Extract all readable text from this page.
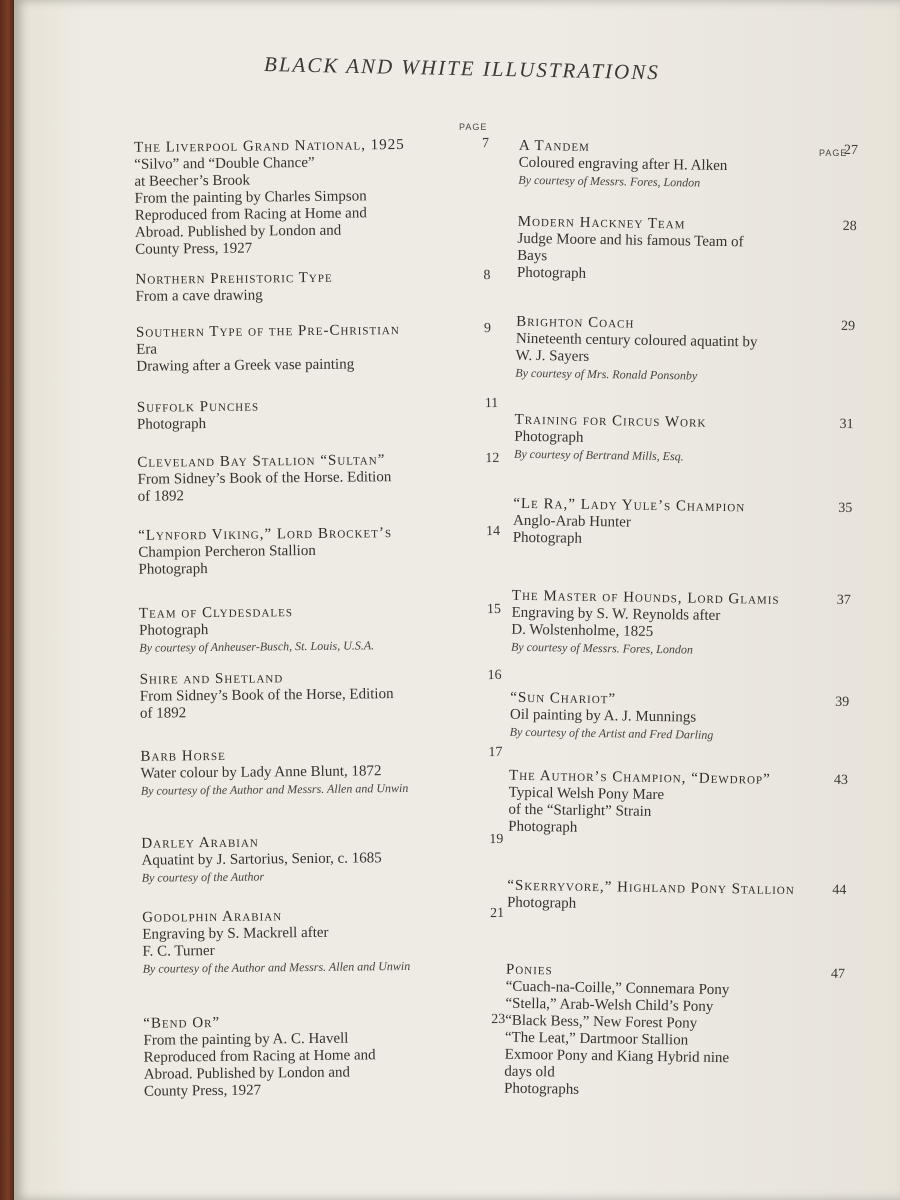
BLACK AND WHITE ILLUSTRATIONS
PAGE
PAGE
The Liverpool Grand National, 1925
“Silvo” and “Double Chance”
at Beecher’s Brook
From the painting by Charles Simpson
Reproduced from Racing at Home and
Abroad. Published by London and
County Press, 1927
7
Northern Prehistoric Type
From a cave drawing
8
Southern Type of the Pre-Christian
Era
Drawing after a Greek vase painting
9
Suffolk Punches
Photograph
11
Cleveland Bay Stallion “Sultan”
From Sidney’s Book of the Horse. Edition
of 1892
12
“Lynford Viking,” Lord Brocket’s
Champion Percheron Stallion
Photograph
14
Team of Clydesdales
Photograph
By courtesy of Anheuser-Busch, St. Louis, U.S.A.
15
Shire and Shetland
From Sidney’s Book of the Horse, Edition
of 1892
16
Barb Horse
Water colour by Lady Anne Blunt, 1872
By courtesy of the Author and Messrs. Allen and Unwin
17
Darley Arabian
Aquatint by J. Sartorius, Senior, c. 1685
By courtesy of the Author
19
Godolphin Arabian
Engraving by S. Mackrell after
F. C. Turner
By courtesy of the Author and Messrs. Allen and Unwin
21
“Bend Or”
From the painting by A. C. Havell
Reproduced from Racing at Home and
Abroad. Published by London and
County Press, 1927
23
A Tandem
Coloured engraving after H. Alken
By courtesy of Messrs. Fores, London
27
Modern Hackney Team
Judge Moore and his famous Team of
Bays
Photograph
28
Brighton Coach
Nineteenth century coloured aquatint by
W. J. Sayers
By courtesy of Mrs. Ronald Ponsonby
29
Training for Circus Work
Photograph
By courtesy of Bertrand Mills, Esq.
31
“Le Ra,” Lady Yule’s Champion
Anglo-Arab Hunter
Photograph
35
The Master of Hounds, Lord Glamis
Engraving by S. W. Reynolds after
D. Wolstenholme, 1825
By courtesy of Messrs. Fores, London
37
“Sun Chariot”
Oil painting by A. J. Munnings
By courtesy of the Artist and Fred Darling
39
The Author’s Champion, “Dewdrop”
Typical Welsh Pony Mare
of the “Starlight” Strain
Photograph
43
“Skerryvore,” Highland Pony Stallion
Photograph
44
Ponies
“Cuach-na-Coille,” Connemara Pony
“Stella,” Arab-Welsh Child’s Pony
“Black Bess,” New Forest Pony
“The Leat,” Dartmoor Stallion
Exmoor Pony and Kiang Hybrid nine
days old
Photographs
47
